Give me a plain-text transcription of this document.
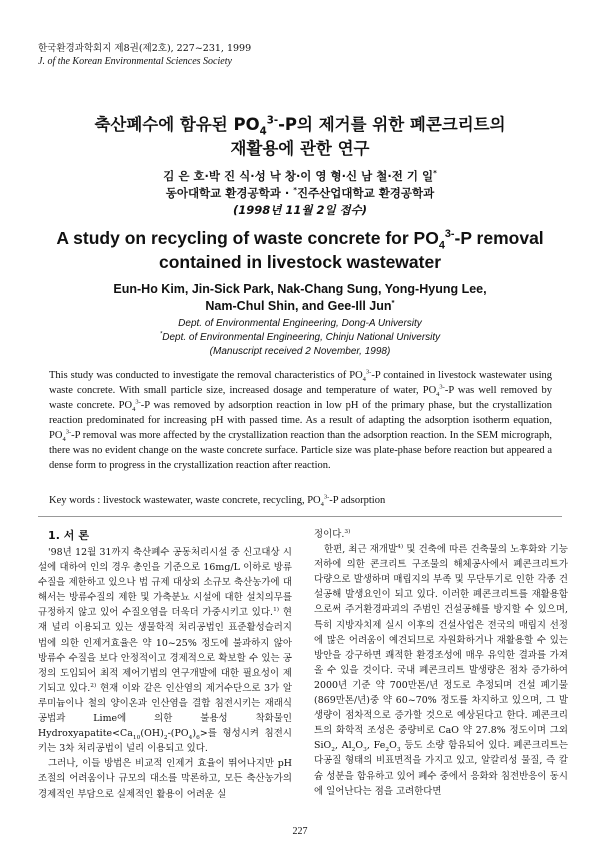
한국환경과학회지 제8권(제2호), 227~231, 1999
J. of the Korean Environmental Sciences Society
축산폐수에 함유된 $PO_4^{3-}-P$의 제거를 위한 폐콘크리트의
재활용에 관한 연구
김 은 호·박 진 식·성 낙 창·이 영 형·신 남 철·전 기 일*
동아대학교 환경공학과 · *진주산업대학교 환경공학과
(1998년 11월 2일 접수)
A study on recycling of waste concrete for $PO_4^{3-}-P$ removal
contained in livestock wastewater
Eun-Ho Kim, Jin-Sick Park, Nak-Chang Sung, Yong-Hyung Lee,
Nam-Chul Shin, and Gee-Ill Jun*
Dept. of Environmental Engineering, Dong-A University
*Dept. of Environmental Engineering, Chinju National University
(Manuscript received 2 November, 1998)
This study was conducted to investigate the removal characteristics of $PO_4^{3-}-P$ contained in livestock wastewater using waste concrete. With small particle size, increased dosage and temperature of water, $PO_4^{3-}-P$ was well removed by waste concrete. $PO_4^{3-}-P$ was removed by adsorption reaction in low pH of the primary phase, but the crystallization reaction predominated for increasing pH with passed time. As a result of adapting the adsorption isotherm equation, $PO_4^{3-}-P$ removal was more affected by the crystallization reaction than the adsorption reaction. In the SEM micrograph, there was no evident change on the waste concrete surface. Particle size was plate-phase before reaction but appeared a dense form to progress in the crystallization reaction after reaction.
Key words : livestock wastewater, waste concrete, recycling, $PO_4^{3-}-P$ adsorption

1. 서 론

'98년 12월 31까지 축산폐수 공동처리시설 중 신고대상 시설에 대하여 인의 경우 총인을 기준으로 16mg/L 이하로 방류수질을 제한하고 있으나 법 규제 대상외 소규모 축산농가에 대해서는 방류수질의 제한 및 가축분뇨 시설에 대한 설치의무를 규정하지 않고 있어 수질오염을 더욱더 가중시키고 있다.$^{1)}$ 현재 널리 이용되고 있는 생물학적 처리공법인 표준활성슬러지법에 의한 인제거효율은 약 10~25% 정도에 불과하지 않아 방류수 수질을 보다 안정적이고 경제적으로 확보할 수 있는 공정의 도입되어 최적 제어기법의 연구개발에 대한 필요성이 제기되고 있다.$^{2)}$ 현재 이와 같은 인산염의 제거수단으로 3가 알루미늄이나 철의 양이온과 인산염을 결합 침전시키는 재래식공법과 Lime에 의한 불용성 착화물인 $Hydroxyapatite<Ca_{10}(OH)_2-(PO_4)_6>$를 형성시켜 침전시키는 3차 처리공법이 널리 이용되고 있다.

그러나, 이들 방법은 비교적 인제거 효율이 뛰어나지만 pH 조절의 어려움이나 규모의 대소를 막론하고, 모든 축산농가의 경제적인 부담으로 실제적인 활용이 어려운 실

정이다.$^{3)}$

한편, 최근 재개발$^{4)}$ 및 건축에 따른 건축물의 노후화와 기능저하에 의한 콘크리트 구조물의 해체공사에서 폐콘크리트가 다량으로 발생하며 매립지의 부족 및 무단투기로 인한 각종 건설공해 발생요인이 되고 있다. 이러한 폐콘크리트를 재활용함으로써 주거환경파괴의 주범인 건설공해를 방지할 수 있으며, 특히 지방자치제 실시 이후의 건설사업은 전국의 매립지 선정에 많은 어려움이 예견되므로 자원화하거나 재활용할 수 있는 방안을 강구하면 쾌적한 환경조성에 매우 유익한 결과를 가져올 수 있을 것이다. 국내 폐콘크리트 발생량은 점차 증가하여 2000년 기준 약 700만톤/년 정도로 추정되며 건설 폐기물(869만톤/년)중 약 60~70% 정도를 차지하고 있으며, 그 발생량이 점차적으로 증가할 것으로 예상된다고 한다. 폐콘크리트의 화학적 조성은 중량비로 CaO 약 27.8% 정도이며 그외 SiO$_2$, $Al_2O_3$, $Fe_2O_3$ 등도 소량 함유되어 있다. 폐콘크리트는 다공질 형태의 비표면적을 가지고 있고, 알칼리성 물질, 즉 칼슘 성분을 함유하고 있어 폐수 중에서 응화와 침전반응이 동시에 일어난다는 점을 고려한다면

227
